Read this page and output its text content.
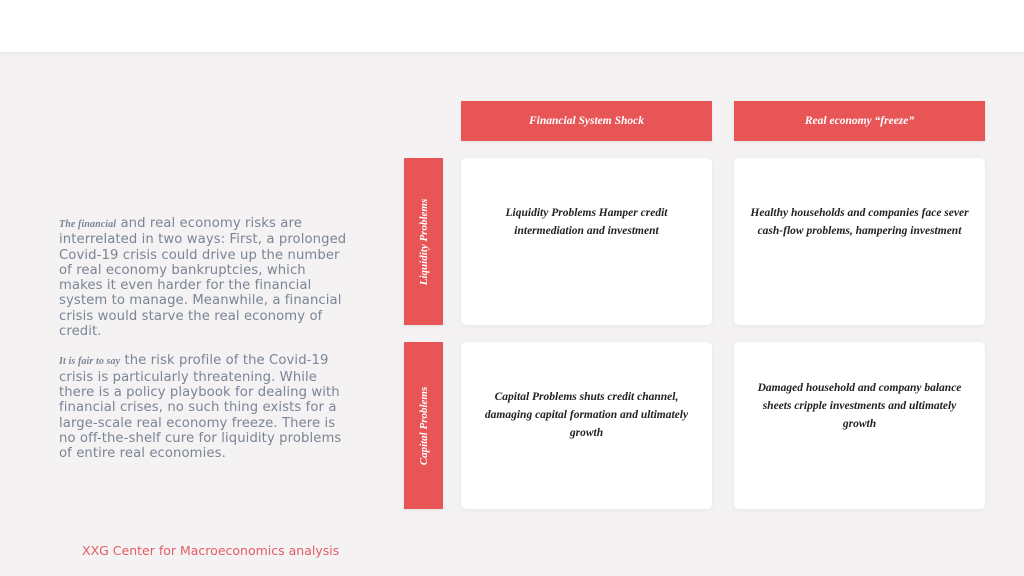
The financial and real economy risks are interrelated in two ways: First, a prolonged Covid-19 crisis could drive up the number of real economy bankruptcies, which makes it even harder for the financial system to manage. Meanwhile, a financial crisis would starve the real economy of credit.

It is fair to say the risk profile of the Covid-19 crisis is particularly threatening. While there is a policy playbook for dealing with financial crises, no such thing exists for a large-scale real economy freeze. There is no off-the-shelf cure for liquidity problems of entire real economies.

XXG Center for Macroeconomics analysis
Financial System Shock	Real economy “freeze”
Liquidity Problems
Capital Problems
Liquidity Problems Hamper credit intermediation and investment
Healthy households and companies face sever cash-flow problems, hampering investment
Capital Problems shuts credit channel, damaging capital formation and ultimately growth
Damaged household and company balance sheets cripple investments and ultimately growth
